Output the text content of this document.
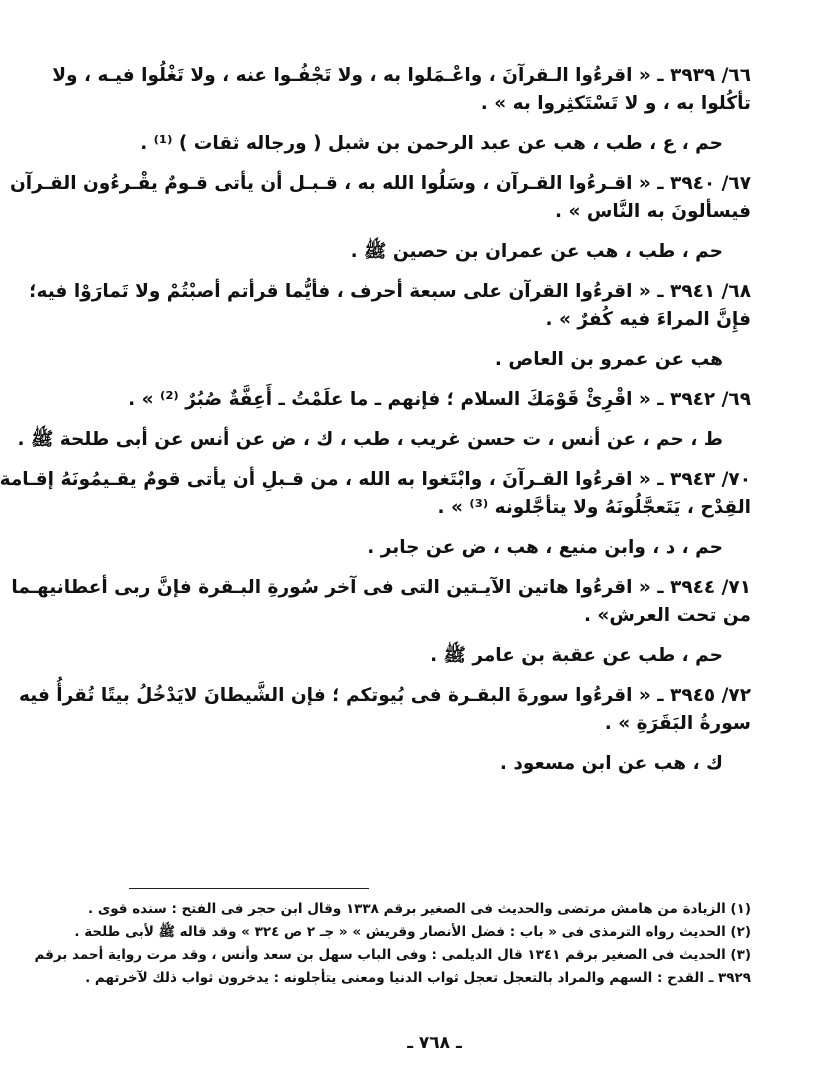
٦٦/ ٣٩٣٩ ـ « اقرءُوا الـقرآنَ ، واعْـمَلوا به ، ولا تَجْفُـوا عنه ، ولا تَغْلُوا فيـه ، ولا
تأكُلوا به ، و لا تَسْتَكثِروا به » .
حم ، ع ، طب ، هب عن عبد الرحمن بن شبل ( ورجاله ثقات ) ⁽¹⁾ .
٦٧/ ٣٩٤٠ ـ « اقـرءُوا القـرآن ، وسَلُوا الله به ، قـبـل أن يأتى قـومٌ يقْـرءُون القـرآن
فيسألونَ به النَّاس » .
حم ، طب ، هب عن عمران بن حصين ﷺ .
٦٨/ ٣٩٤١ ـ « اقرءُوا القرآن على سبعة أحرف ، فأيُّما قرأتم أصبْتُمْ ولا تَمارَوْا فيه؛
فإِنَّ المراءَ فيه كُفرٌ » .
هب عن عمرو بن العاص .
٦٩/ ٣٩٤٢ ـ « اقْرِئْ قَوْمَكَ السلام ؛ فإنهم ـ ما علَمْتُ ـ أَعِفَّةٌ صُبُرٌ ⁽²⁾ » .
ط ، حم ، عن أنس ، ت حسن غريب ، طب ، ك ، ض عن أنس عن أبى طلحة ﷺ .
٧٠/ ٣٩٤٣ ـ « اقرءُوا القـرآنَ ، وابْتَغوا به الله ، من قـبلِ أن يأتى قومٌ يقـيمُونَهُ إقـامة
القِدْح ، يَتَعجَّلُونَهُ ولا يتأجَّلونه ⁽³⁾ » .
حم ، د ، وابن منيع ، هب ، ض عن جابر .
٧١/ ٣٩٤٤ ـ « اقرءُوا هاتين الآيـتين التى فى آخر سُورةِ البـقرة فإنَّ ربى أعطانيهـما
من تحت العرش» .
حم ، طب عن عقبة بن عامر ﷺ .
٧٢/ ٣٩٤٥ ـ « اقرءُوا سورةَ البقـرة فى بُيوتكم ؛ فإن الشَّيطانَ لايَدْخُلُ بيتًا تُقرأُ فيه
سورةُ البَقَرَةِ » .
ك ، هب عن ابن مسعود .
(١) الزيادة من هامش مرتضى والحديث فى الصغير برقم ١٣٣٨ وقال ابن حجر فى الفتح : سنده قوى .
(٢) الحديث رواه الترمذى فى « باب : فضل الأنصار وقريش » « جـ ٢ ص ٣٢٤ » وقد قاله ﷺ لأبى طلحة .
(٣) الحديث فى الصغير برقم ١٣٤١ قال الديلمى : وفى الباب سهل بن سعد وأنس ، وقد مرت رواية أحمد برقم
٣٩٢٩ ـ القدح : السهم والمراد بالتعجل تعجل ثواب الدنيا ومعنى يتأجلونه : يدخرون ثواب ذلك لآخرتهم .
ـ ٧٦٨ ـ
